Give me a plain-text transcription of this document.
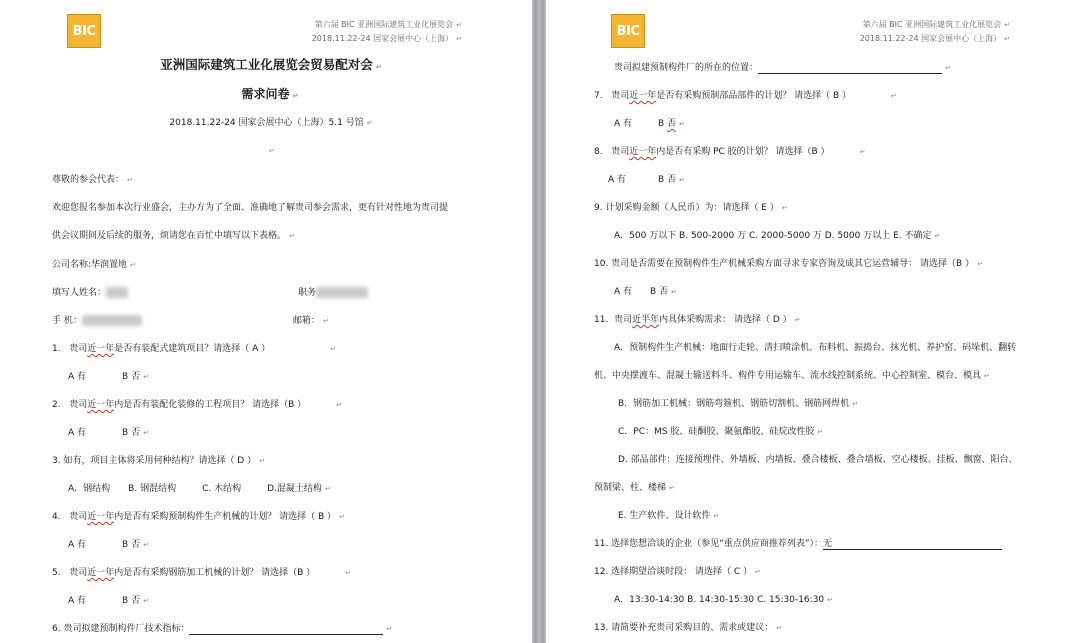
BIC	第六届 BIC 亚洲国际建筑工业化展览会 ↵
2018.11.22-24 国家会展中心（上海） ↵
亚洲国际建筑工业化展览会贸易配对会 ↵
需求问卷 ↵
2018.11.22-24 国家会展中心（上海）5.1 号馆 ↵
↵
尊敬的参会代表： ↵
欢迎您报名参加本次行业盛会，主办方为了全面、准确地了解贵司参会需求，更有针对性地为贵司提
供会议期间及后续的服务，烦请您在百忙中填写以下表格。 ↵
公司名称:华润置地 ↵
填写人姓名：	职务
手 机：	邮箱： ↵
1. 贵司近一年是否有装配式建筑项目？请选择（ A ）	↵
A 有	B 否 ↵
2. 贵司近一年内是否有装配化装修的工程项目？ 请选择（B ）	↵
A 有	B 否 ↵
3. 如有，项目主体将采用何种结构？请选择（ D ） ↵
A．钢结构 B. 钢混结构	C. 木结构	D.混凝土结构 ↵
4. 贵司近一年内是否有采购预制构件生产机械的计划？ 请选择（ B ） ↵
A 有	B 否 ↵
5. 贵司近一年内是否有采购钢筋加工机械的计划？ 请选择（B ）	↵
A 有	B 否 ↵
6. 贵司拟建预制构件厂技术指标：	↵
BIC	第六届 BIC 亚洲国际建筑工业化展览会 ↵
2018.11.22-24 国家会展中心（上海） ↵
贵司拟建预制构件厂的所在的位置：	↵
7. 贵司近一年是否有采购预制部品部件的计划？ 请选择（ B ）	↵
A 有	B 否 ↵
8. 贵司近一年内是否有采购 PC 胶的计划？ 请选择（B ）	↵
A 有	B 否 ↵
9. 计划采购金额（人民币）为：请选择（ E ） ↵
A．500 万以下 B. 500-2000 万 C. 2000-5000 万 D. 5000 万以上 E. 不确定 ↵
10. 贵司是否需要在预制构件生产机械采购方面寻求专家咨询及成其它运营辅导： 请选择（B ） ↵
A 有 B 否 ↵
11. 贵司近半年内具体采购需求： 请选择（ D ） ↵
A．预制构件生产机械：地面行走轮、清扫喷涂机、布料机、振捣台、抹光机、养护窑、码垛机、翻转
机、中央摆渡车、混凝土输送料斗、构件专用运输车、流水线控制系统、中心控制室、模台、模具 ↵
B．钢筋加工机械：钢筋弯箍机、钢筋切割机、钢筋网焊机 ↵
C．PC：MS 胶、硅酮胶、聚氨酯胶、硅烷改性胶 ↵
D. 部品部件：连接预埋件、外墙板、内墙板、叠合楼板、叠合墙板、空心楼板、挂板、飘窗、阳台、
预制梁、柱、楼梯 ↵
E. 生产软件、设计软件 ↵
11. 选择您想洽谈的企业（参见“重点供应商推荐列表”）：无
12. 选择期望洽谈时段： 请选择（ C ） ↵
A．13:30-14:30 B. 14:30-15:30 C. 15:30-16:30 ↵
13. 请简要补充贵司采购目的、需求或建议： ↵
